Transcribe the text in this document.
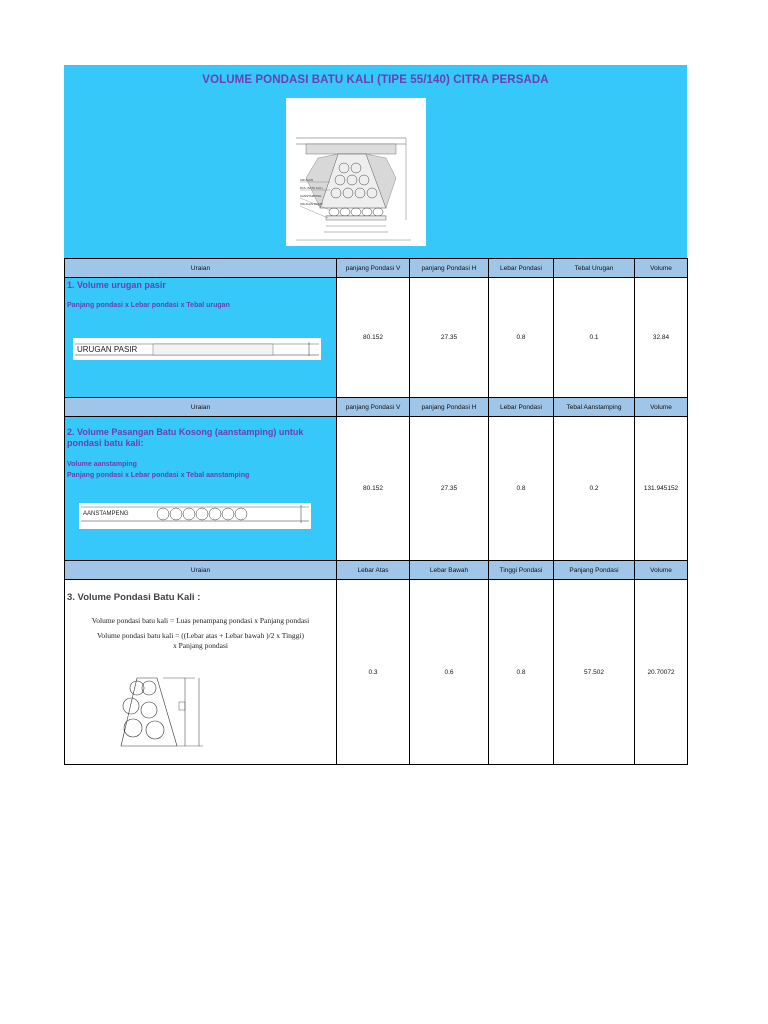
VOLUME PONDASI BATU KALI (TIPE 55/140) CITRA PERSADA
URUGAN
PAS. BATU KALI
AANSTAMPING
URUGAN PASIR
Uraian	panjang Pondasi V	panjang Pondasi H	Lebar Pondasi	Tebal Urugan	Volume

1. Volume urugan pasir
Panjang pondasi x Lebar pondasi x Tebal urugan
URUGAN PASIR	80.152	27.35	0.8	0.1	32.84
Uraian	panjang Pondasi V	panjang Pondasi H	Lebar Pondasi	Tebal Aanstamping	Volume

2. Volume Pasangan Batu Kosong (aanstamping) untuk pondasi batu kali:
Volume aanstamping
Panjang pondasi x Lebar pondasi x Tebal aanstamping
AANSTAMPENG	80.152	27.35	0.8	0.2	131.945152
Uraian	Lebar Atas	Lebar Bawah	Tinggi Pondasi	Panjang Pondasi	Volume

3. Volume Pondasi Batu Kali :
Volume pondasi batu kali = Luas penampang pondasi x Panjang pondasi
Volume pondasi batu kali = ((Lebar atas + Lebar bawah )/2 x Tinggi)
x Panjang pondasi	0.3	0.6	0.8	57.502	20.70072
